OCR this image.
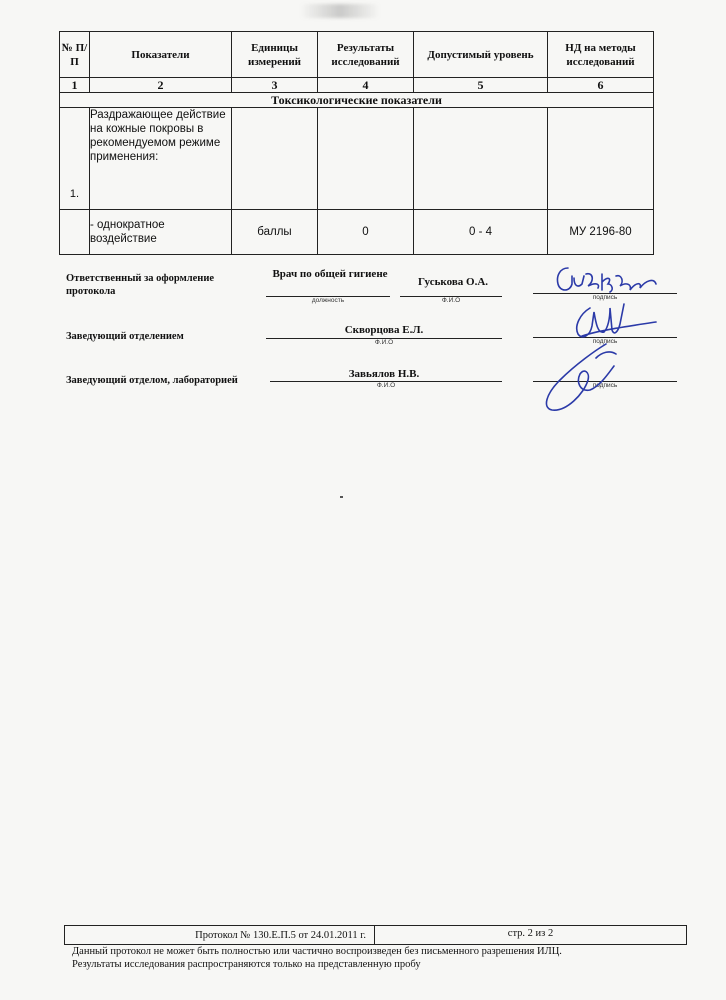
№ П/П	Показатели	Единицы измерений	Результаты исследований	Допустимый уровень	НД на методы исследований
1	2	3	4	5	6
Токсикологические показатели					
1.	Раздражающее действие на кожные покровы в рекомендуемом режиме применения:				
	- однократное воздействие	баллы	0	0 - 4	МУ 2196-80
Ответственный за оформление протокола
Врач по общей гигиене
должность
Гуськова О.А.
Ф.И.О	подпись
Заведующий отделением
Скворцова Е.Л.
Ф.И.О	подпись
Заведующий отделом, лабораторией
Завьялов Н.В.
Ф.И.О	подпись
Протокол № 130.Е.П.5 от 24.01.2011 г.	стр. 2 из 2
Данный протокол не может быть полностью или частично воспроизведен без письменного разрешения ИЛЦ.
Результаты исследования распространяются только на представленную пробу
